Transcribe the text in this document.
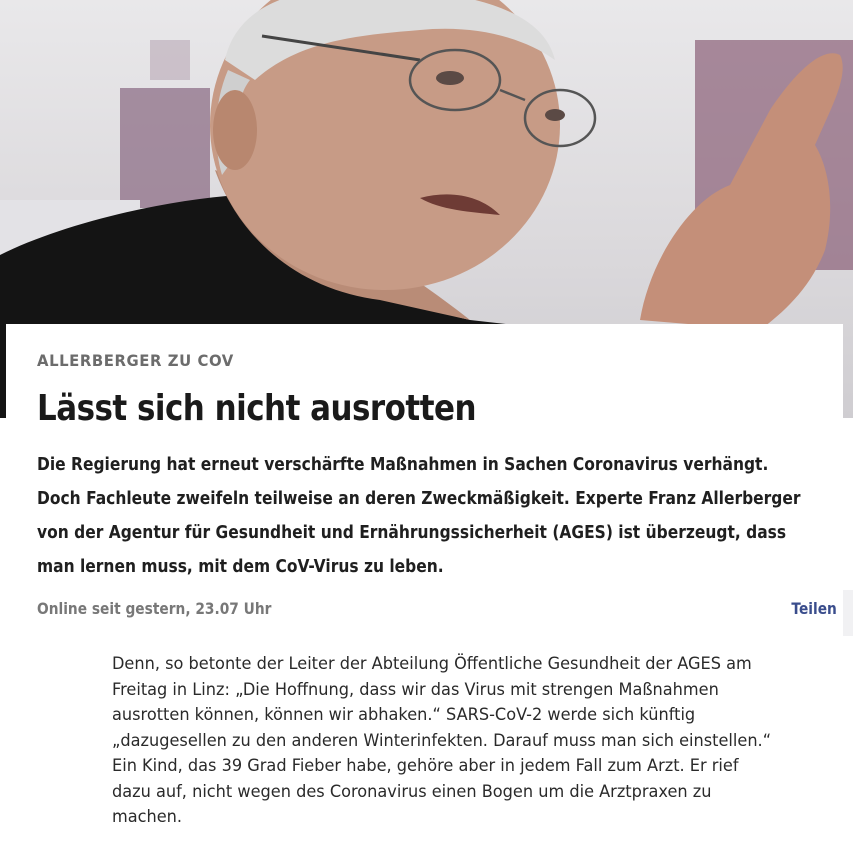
ALLERBERGER ZU COV
Lässt sich nicht ausrotten

Die Regierung hat erneut verschärfte Maßnahmen in Sachen Coronavirus verhängt. Doch Fachleute zweifeln teilweise an deren Zweckmäßigkeit. Experte Franz Allerberger von der Agentur für Gesundheit und Ernährungssicherheit (AGES) ist überzeugt, dass man lernen muss, mit dem CoV-Virus zu leben.

Online seit gestern, 23.07 Uhr	Teilen

Denn, so betonte der Leiter der Abteilung Öffentliche Gesundheit der AGES am Freitag in Linz: „Die Hoffnung, dass wir das Virus mit strengen Maßnahmen ausrotten können, können wir abhaken.“ SARS-CoV-2 werde sich künftig „dazugesellen zu den anderen Winterinfekten. Darauf muss man sich einstellen.“ Ein Kind, das 39 Grad Fieber habe, gehöre aber in jedem Fall zum Arzt. Er rief dazu auf, nicht wegen des Coronavirus einen Bogen um die Arztpraxen zu machen.
